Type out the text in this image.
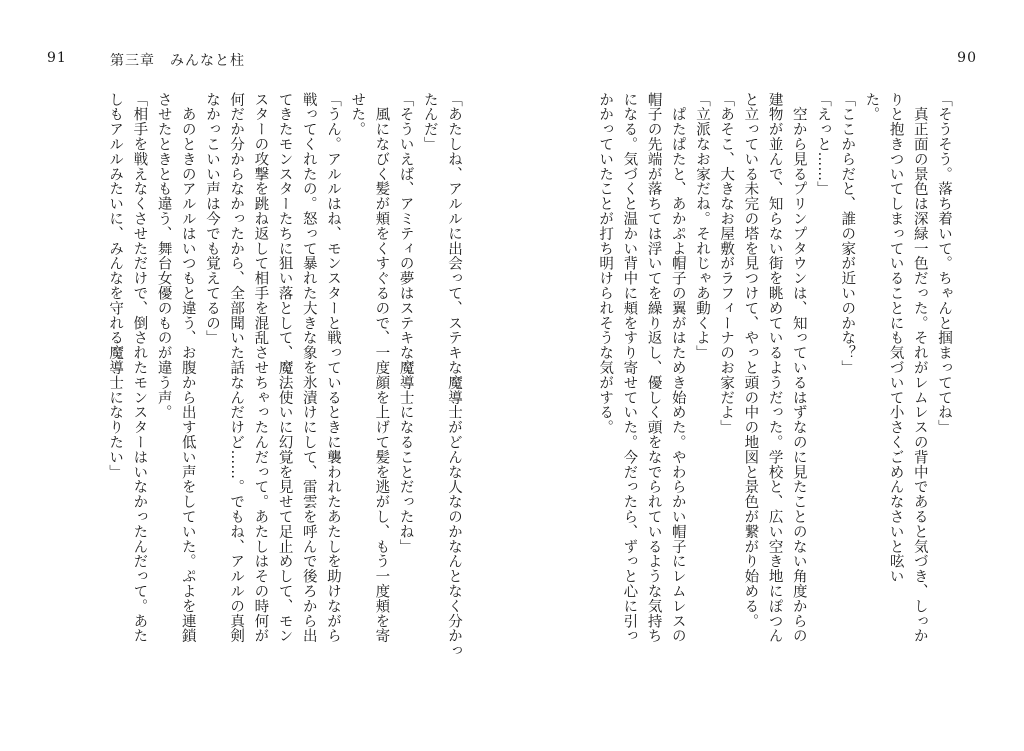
91	第三章　みんなと柱
「あたしね、アルルに出会って、ステキな魔導士がどんな人なのかなんとなく分かっ
たんだ」
「そういえば、アミティの夢はステキな魔導士になることだったね」
　風になびく髪が頬をくすぐるので、一度顔を上げて髪を逃がし、もう一度頬を寄
せた。
「うん。アルルはね、モンスターと戦っているときに襲われたあたしを助けながら
戦ってくれたの。怒って暴れた大きな象を氷漬けにして、雷雲を呼んで後ろから出
てきたモンスターたちに狙い落として、魔法使いに幻覚を見せて足止めして、モン
スターの攻撃を跳ね返して相手を混乱させちゃったんだって。あたしはその時何が
何だか分からなかったから、全部聞いた話なんだけど……。でもね、アルルの真剣
なかっこいい声は今でも覚えてるの」
　あのときのアルルはいつもと違う、お腹から出す低い声をしていた。ぷよを連鎖
させたときとも違う、舞台女優のものが違う声。
「相手を戦えなくさせただけで、倒されたモンスターはいなかったんだって。あた
しもアルルみたいに、みんなを守れる魔導士になりたい」
90
「そうそう。落ち着いて。ちゃんと掴まっててね」
　真正面の景色は深緑一色だった。それがレムレスの背中であると気づき、しっか
りと抱きついてしまっていることにも気づいて小さくごめんなさいと呟い
た。
「ここからだと、誰の家が近いのかな？」
「えっと……」
　空から見るプリンプタウンは、知っているはずなのに見たことのない角度からの
建物が並んで、知らない街を眺めているようだった。学校と、広い空き地にぽつん
と立っている未完の塔を見つけて、やっと頭の中の地図と景色が繋がり始める。
「あそこ、大きなお屋敷がラフィーナのお家だよ」
「立派なお家だね。それじゃあ動くよ」
　ぱたぱたと、あかぷよ帽子の翼がはためき始めた。やわらかい帽子にレムレスの
帽子の先端が落ちては浮いてを繰り返し、優しく頭をなでられているような気持ち
になる。気づくと温かい背中に頬をすり寄せていた。今だったら、ずっと心に引っ
かかっていたことが打ち明けられそうな気がする。
